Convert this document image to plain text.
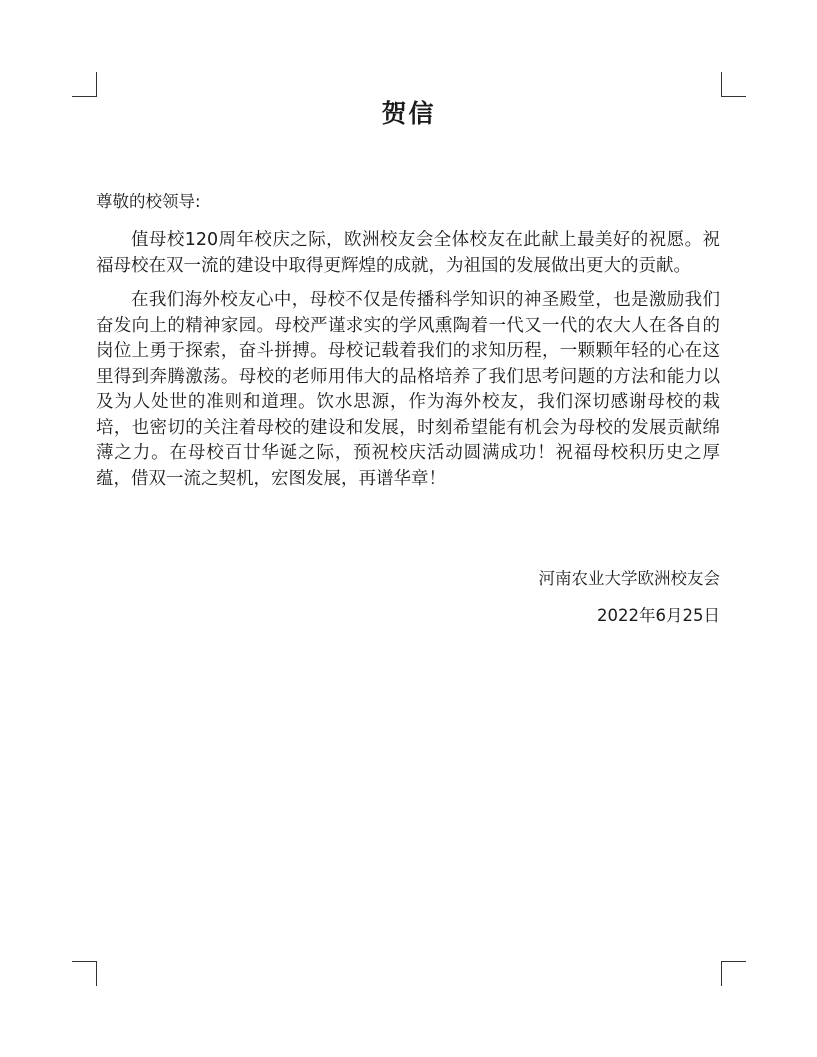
贺信
尊敬的校领导:

值母校120周年校庆之际，欧洲校友会全体校友在此献上最美好的祝愿。祝福母校在双一流的建设中取得更辉煌的成就，为祖国的发展做出更大的贡献。

在我们海外校友心中，母校不仅是传播科学知识的神圣殿堂，也是激励我们奋发向上的精神家园。母校严谨求实的学风熏陶着一代又一代的农大人在各自的岗位上勇于探索，奋斗拼搏。母校记载着我们的求知历程，一颗颗年轻的心在这里得到奔腾激荡。母校的老师用伟大的品格培养了我们思考问题的方法和能力以及为人处世的准则和道理。饮水思源，作为海外校友，我们深切感谢母校的栽培，也密切的关注着母校的建设和发展，时刻希望能有机会为母校的发展贡献绵薄之力。在母校百廿华诞之际，预祝校庆活动圆满成功！祝福母校积历史之厚蕴，借双一流之契机，宏图发展，再谱华章！

河南农业大学欧洲校友会
2022年6月25日
